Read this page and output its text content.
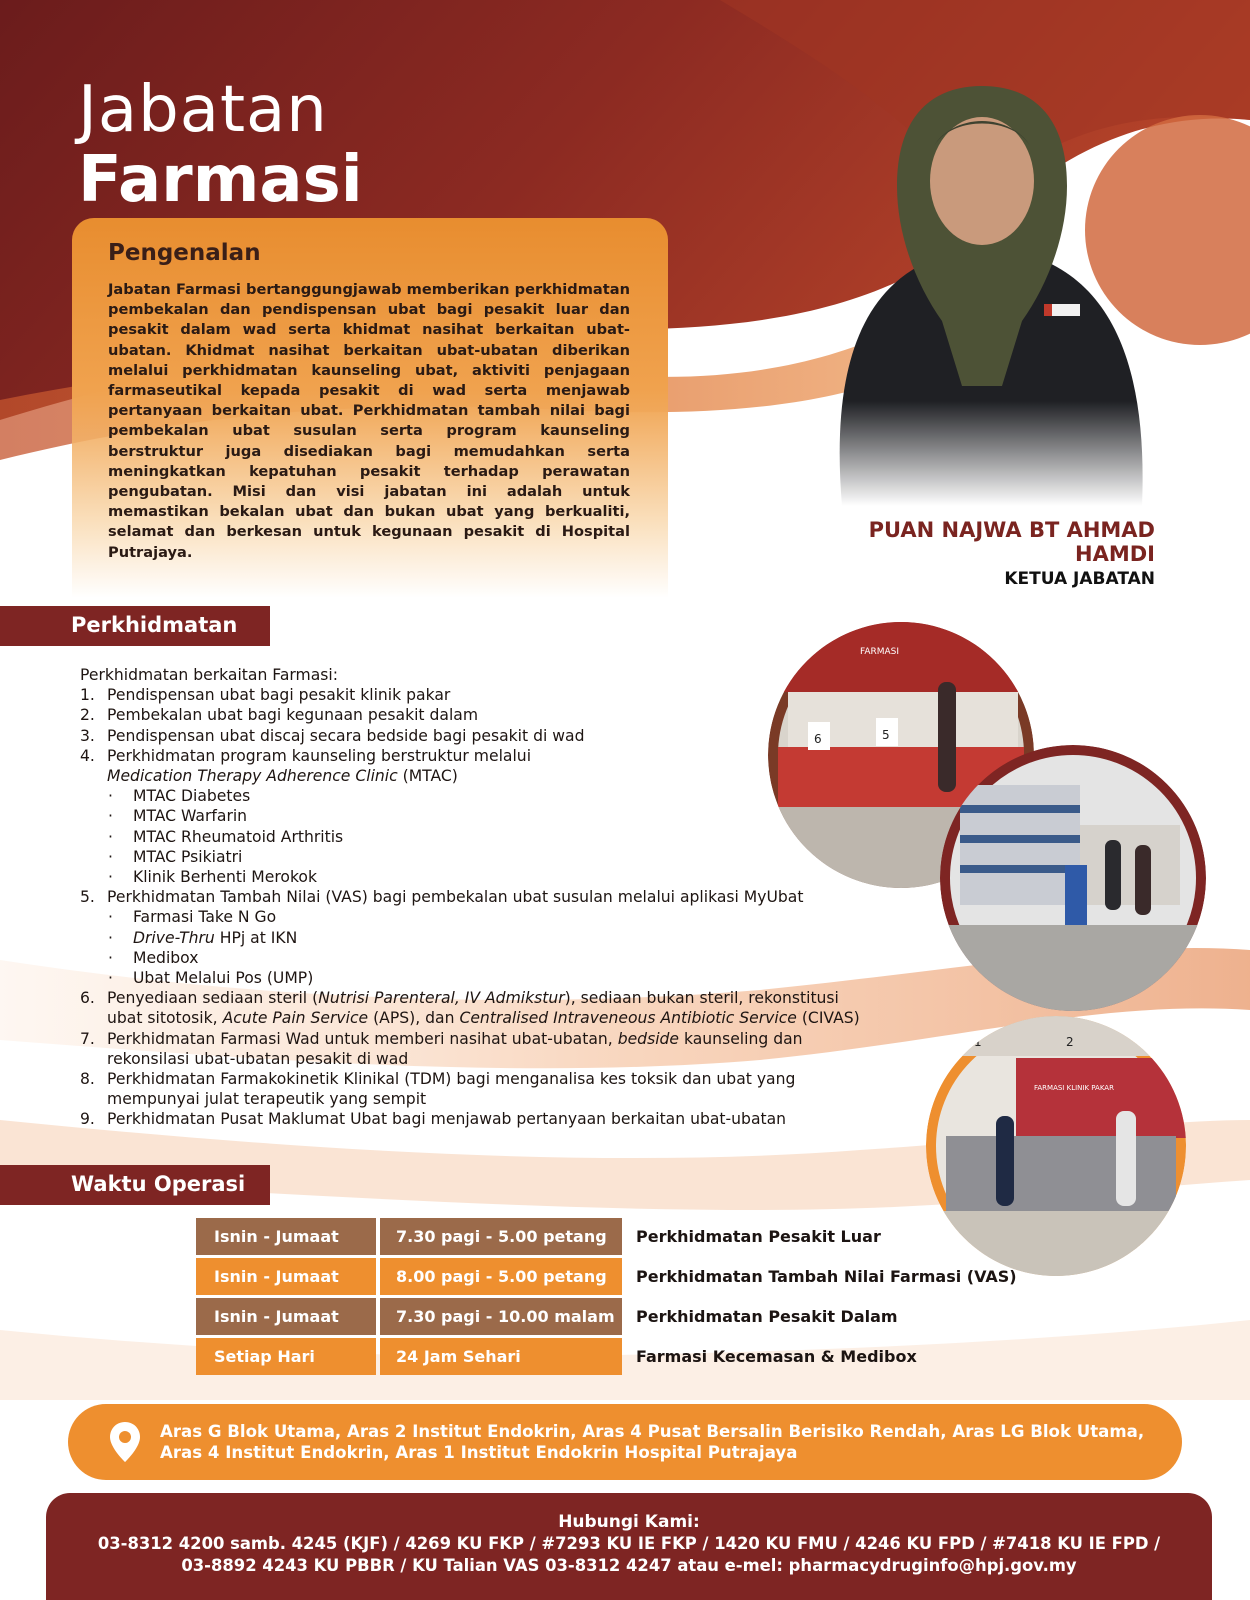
Jabatan
Farmasi
Pengenalan

Jabatan Farmasi bertanggungjawab memberikan perkhidmatan pembekalan dan pendispensan ubat bagi pesakit luar dan pesakit dalam wad serta khidmat nasihat berkaitan ubat-ubatan. Khidmat nasihat berkaitan ubat-ubatan diberikan melalui perkhidmatan kaunseling ubat, aktiviti penjagaan farmaseutikal kepada pesakit di wad serta menjawab pertanyaan berkaitan ubat. Perkhidmatan tambah nilai bagi pembekalan ubat susulan serta program kaunseling berstruktur juga disediakan bagi memudahkan serta meningkatkan kepatuhan pesakit terhadap perawatan pengubatan. Misi dan visi jabatan ini adalah untuk memastikan bekalan ubat dan bukan ubat yang berkualiti, selamat dan berkesan untuk kegunaan pesakit di Hospital Putrajaya.

PUAN NAJWA BT AHMAD
HAMDI
KETUA JABATAN
Perkhidmatan
Perkhidmatan berkaitan Farmasi:
1. Pendispensan ubat bagi pesakit klinik pakar
2. Pembekalan ubat bagi kegunaan pesakit dalam
3. Pendispensan ubat discaj secara bedside bagi pesakit di wad
4. Perkhidmatan program kaunseling berstruktur melalui
Medication Therapy Adherence Clinic (MTAC)
·	MTAC Diabetes
·	MTAC Warfarin
·	MTAC Rheumatoid Arthritis
·	MTAC Psikiatri
·	Klinik Berhenti Merokok
5. Perkhidmatan Tambah Nilai (VAS) bagi pembekalan ubat susulan melalui aplikasi MyUbat
·	Farmasi Take N Go
·	Drive-Thru HPj at IKN
·	Medibox
·	Ubat Melalui Pos (UMP)
6. Penyediaan sediaan steril (Nutrisi Parenteral, IV Admikstur), sediaan bukan steril, rekonstitusi
ubat sitotosik, Acute Pain Service (APS), dan Centralised Intraveneous Antibiotic Service (CIVAS)
7. Perkhidmatan Farmasi Wad untuk memberi nasihat ubat-ubatan, bedside kaunseling dan
rekonsilasi ubat-ubatan pesakit di wad
8. Perkhidmatan Farmakokinetik Klinikal (TDM) bagi menganalisa kes toksik dan ubat yang
mempunyai julat terapeutik yang sempit
9. Perkhidmatan Pusat Maklumat Ubat bagi menjawab pertanyaan berkaitan ubat-ubatan
FARMASI
6	5
1	2
FARMASI KLINIK PAKAR
Waktu Operasi
Isnin - Jumaat	7.30 pagi - 5.00 petang	Perkhidmatan Pesakit Luar
Isnin - Jumaat	8.00 pagi - 5.00 petang	Perkhidmatan Tambah Nilai Farmasi (VAS)
Isnin - Jumaat	7.30 pagi - 10.00 malam	Perkhidmatan Pesakit Dalam
Setiap Hari	24 Jam Sehari	Farmasi Kecemasan & Medibox
Aras G Blok Utama, Aras 2 Institut Endokrin, Aras 4 Pusat Bersalin Berisiko Rendah, Aras LG Blok Utama,
Aras 4 Institut Endokrin, Aras 1 Institut Endokrin Hospital Putrajaya
Hubungi Kami:
03-8312 4200 samb. 4245 (KJF) / 4269 KU FKP / #7293 KU IE FKP / 1420 KU FMU / 4246 KU FPD / #7418 KU IE FPD /
03-8892 4243 KU PBBR / KU Talian VAS 03-8312 4247 atau e-mel: pharmacydruginfo@hpj.gov.my
